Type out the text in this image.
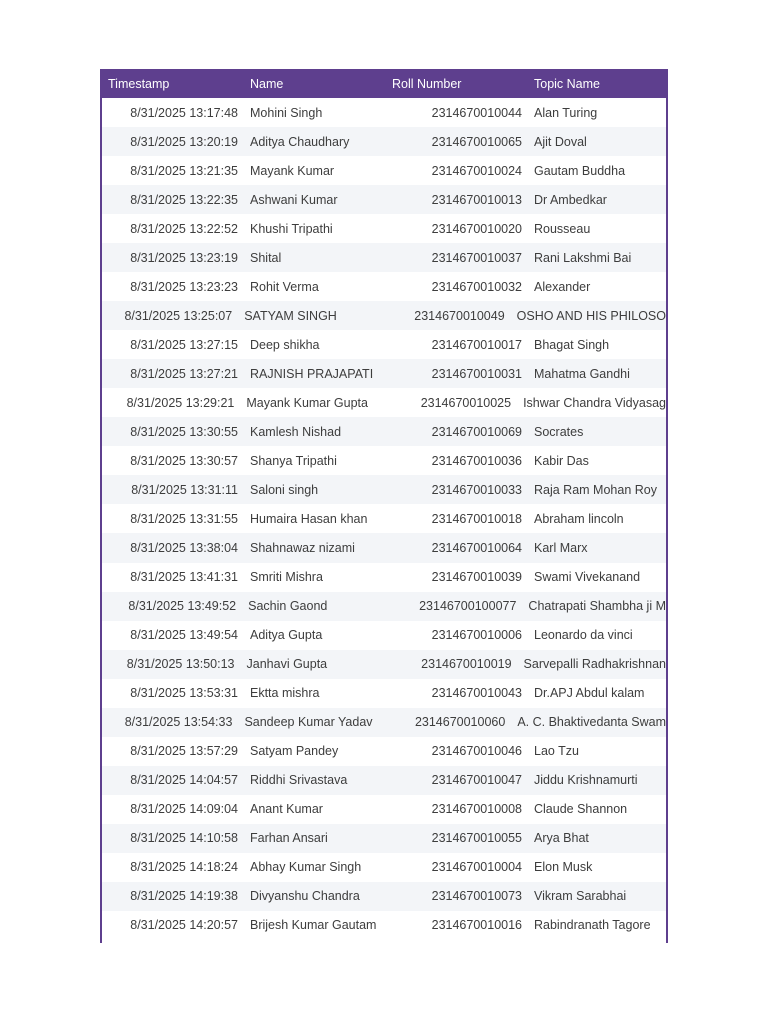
Timestamp	Name	Roll Number	Topic Name
8/31/2025 13:17:48 Mohini Singh	2314670010044 Alan Turing
8/31/2025 13:20:19 Aditya Chaudhary	2314670010065 Ajit Doval
8/31/2025 13:21:35 Mayank Kumar	2314670010024 Gautam Buddha
8/31/2025 13:22:35 Ashwani Kumar	2314670010013 Dr Ambedkar
8/31/2025 13:22:52 Khushi Tripathi	2314670010020 Rousseau
8/31/2025 13:23:19 Shital	2314670010037 Rani Lakshmi Bai
8/31/2025 13:23:23 Rohit Verma	2314670010032 Alexander
8/31/2025 13:25:07 SATYAM SINGH	2314670010049 OSHO AND HIS PHILOSO
8/31/2025 13:27:15 Deep shikha	2314670010017 Bhagat Singh
8/31/2025 13:27:21 RAJNISH PRAJAPATI	2314670010031 Mahatma Gandhi
8/31/2025 13:29:21 Mayank Kumar Gupta	2314670010025 Ishwar Chandra Vidyasag
8/31/2025 13:30:55 Kamlesh Nishad	2314670010069 Socrates
8/31/2025 13:30:57 Shanya Tripathi	2314670010036 Kabir Das
8/31/2025 13:31:11 Saloni singh	2314670010033 Raja Ram Mohan Roy
8/31/2025 13:31:55 Humaira Hasan khan	2314670010018 Abraham lincoln
8/31/2025 13:38:04 Shahnawaz nizami	2314670010064 Karl Marx
8/31/2025 13:41:31 Smriti Mishra	2314670010039 Swami Vivekanand
8/31/2025 13:49:52 Sachin Gaond	23146700100077 Chatrapati Shambha ji M
8/31/2025 13:49:54 Aditya Gupta	2314670010006 Leonardo da vinci
8/31/2025 13:50:13 Janhavi Gupta	2314670010019 Sarvepalli Radhakrishnan
8/31/2025 13:53:31 Ektta mishra	2314670010043 Dr.APJ Abdul kalam
8/31/2025 13:54:33 Sandeep Kumar Yadav	2314670010060 A. C. Bhaktivedanta Swam
8/31/2025 13:57:29 Satyam Pandey	2314670010046 Lao Tzu
8/31/2025 14:04:57 Riddhi Srivastava	2314670010047 Jiddu Krishnamurti
8/31/2025 14:09:04 Anant Kumar	2314670010008 Claude Shannon
8/31/2025 14:10:58 Farhan Ansari	2314670010055 Arya Bhat
8/31/2025 14:18:24 Abhay Kumar Singh	2314670010004 Elon Musk
8/31/2025 14:19:38 Divyanshu Chandra	2314670010073 Vikram Sarabhai
8/31/2025 14:20:57 Brijesh Kumar Gautam	2314670010016 Rabindranath Tagore
